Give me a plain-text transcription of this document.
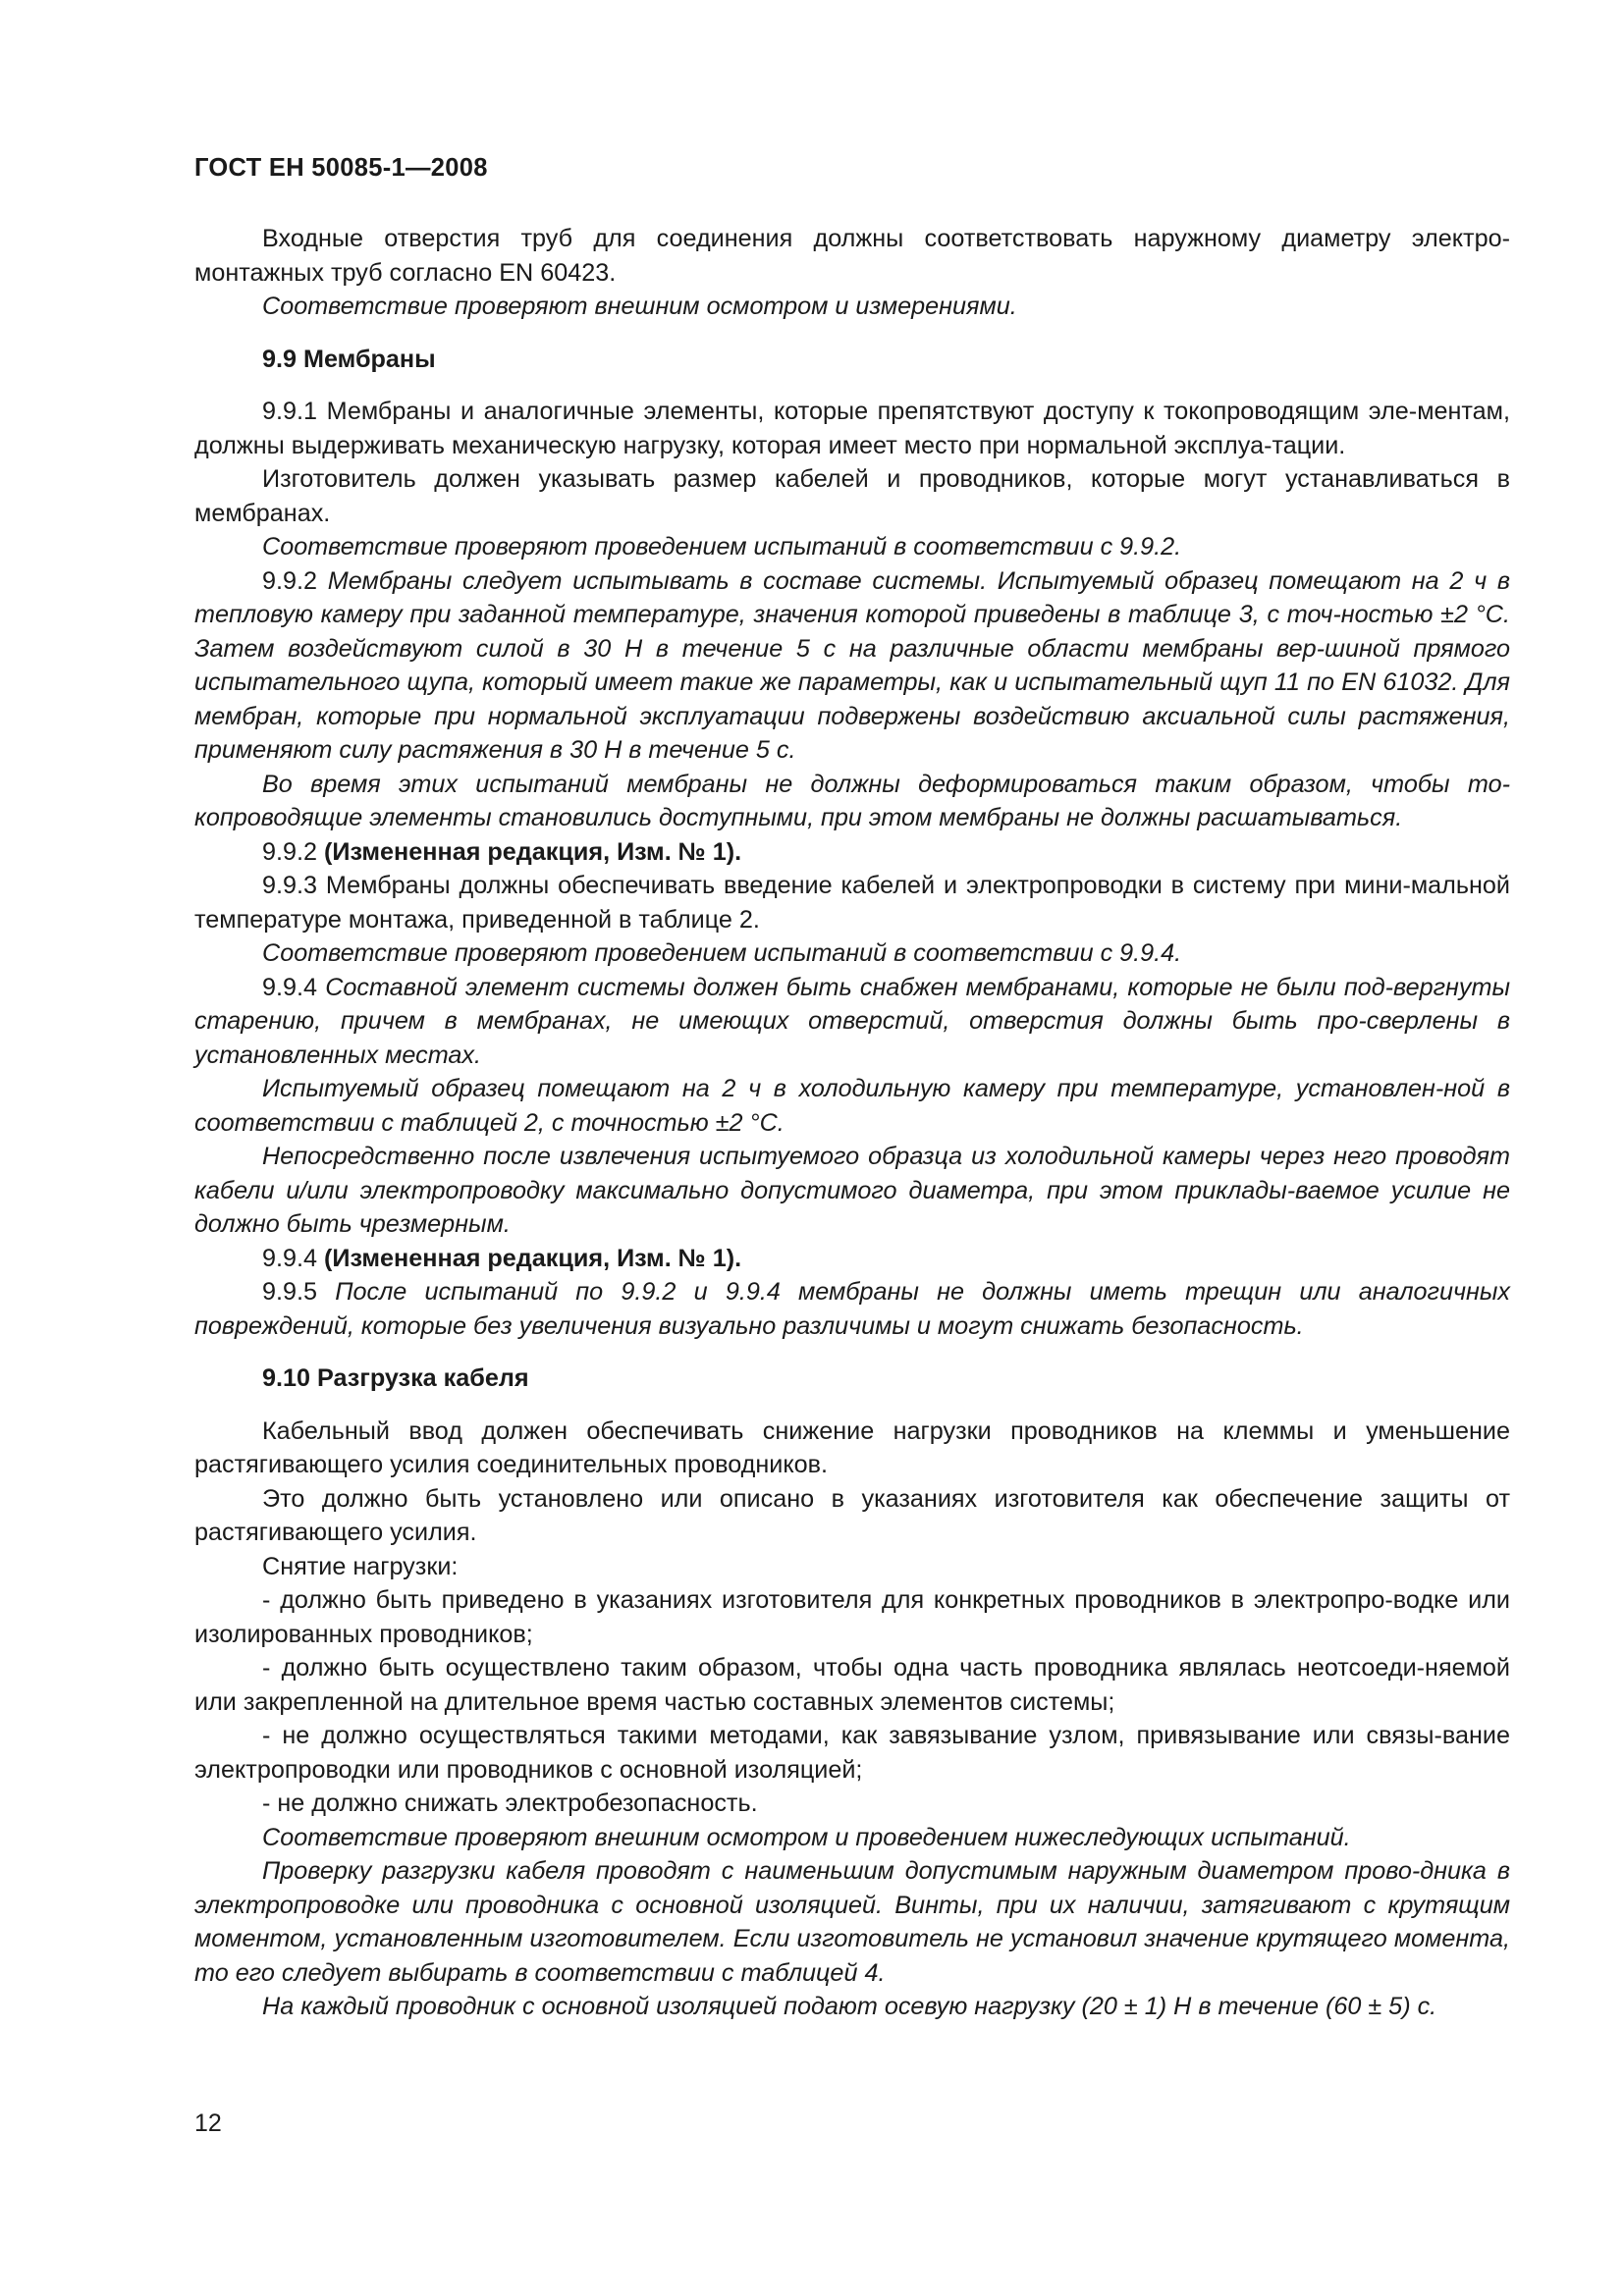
ГОСТ ЕН 50085-1—2008

Входные отверстия труб для соединения должны соответствовать наружному диаметру электро-монтажных труб согласно EN 60423.

Соответствие проверяют внешним осмотром и измерениями.

9.9 Мембраны

9.9.1 Мембраны и аналогичные элементы, которые препятствуют доступу к токопроводящим эле-ментам, должны выдерживать механическую нагрузку, которая имеет место при нормальной эксплуа-тации.

Изготовитель должен указывать размер кабелей и проводников, которые могут устанавливаться в мембранах.

Соответствие проверяют проведением испытаний в соответствии с 9.9.2.

9.9.2 Мембраны следует испытывать в составе системы. Испытуемый образец помещают на 2 ч в тепловую камеру при заданной температуре, значения которой приведены в таблице 3, с точ-ностью ±2 °С. Затем воздействуют силой в 30 Н в течение 5 с на различные области мембраны вер-шиной прямого испытательного щупа, который имеет такие же параметры, как и испытательный щуп 11 по EN 61032. Для мембран, которые при нормальной эксплуатации подвержены воздействию аксиальной силы растяжения, применяют силу растяжения в 30 Н в течение 5 с.

Во время этих испытаний мембраны не должны деформироваться таким образом, чтобы то-копроводящие элементы становились доступными, при этом мембраны не должны расшатываться.

9.9.2 (Измененная редакция, Изм. № 1).

9.9.3 Мембраны должны обеспечивать введение кабелей и электропроводки в систему при мини-мальной температуре монтажа, приведенной в таблице 2.

Соответствие проверяют проведением испытаний в соответствии с 9.9.4.

9.9.4 Составной элемент системы должен быть снабжен мембранами, которые не были под-вергнуты старению, причем в мембранах, не имеющих отверстий, отверстия должны быть про-сверлены в установленных местах.

Испытуемый образец помещают на 2 ч в холодильную камеру при температуре, установлен-ной в соответствии с таблицей 2, с точностью ±2 °С.

Непосредственно после извлечения испытуемого образца из холодильной камеры через него проводят кабели и/или электропроводку максимально допустимого диаметра, при этом приклады-ваемое усилие не должно быть чрезмерным.

9.9.4 (Измененная редакция, Изм. № 1).

9.9.5 После испытаний по 9.9.2 и 9.9.4 мембраны не должны иметь трещин или аналогичных повреждений, которые без увеличения визуально различимы и могут снижать безопасность.

9.10 Разгрузка кабеля

Кабельный ввод должен обеспечивать снижение нагрузки проводников на клеммы и уменьшение растягивающего усилия соединительных проводников.

Это должно быть установлено или описано в указаниях изготовителя как обеспечение защиты от растягивающего усилия.

Снятие нагрузки:

- должно быть приведено в указаниях изготовителя для конкретных проводников в электропро-водке или изолированных проводников;

- должно быть осуществлено таким образом, чтобы одна часть проводника являлась неотсоеди-няемой или закрепленной на длительное время частью составных элементов системы;

- не должно осуществляться такими методами, как завязывание узлом, привязывание или связы-вание электропроводки или проводников с основной изоляцией;

- не должно снижать электробезопасность.

Соответствие проверяют внешним осмотром и проведением нижеследующих испытаний.

Проверку разгрузки кабеля проводят с наименьшим допустимым наружным диаметром прово-дника в электропроводке или проводника с основной изоляцией. Винты, при их наличии, затягивают с крутящим моментом, установленным изготовителем. Если изготовитель не установил значение крутящего момента, то его следует выбирать в соответствии с таблицей 4.

На каждый проводник с основной изоляцией подают осевую нагрузку (20 ± 1) Н в течение (60 ± 5) с.

12
